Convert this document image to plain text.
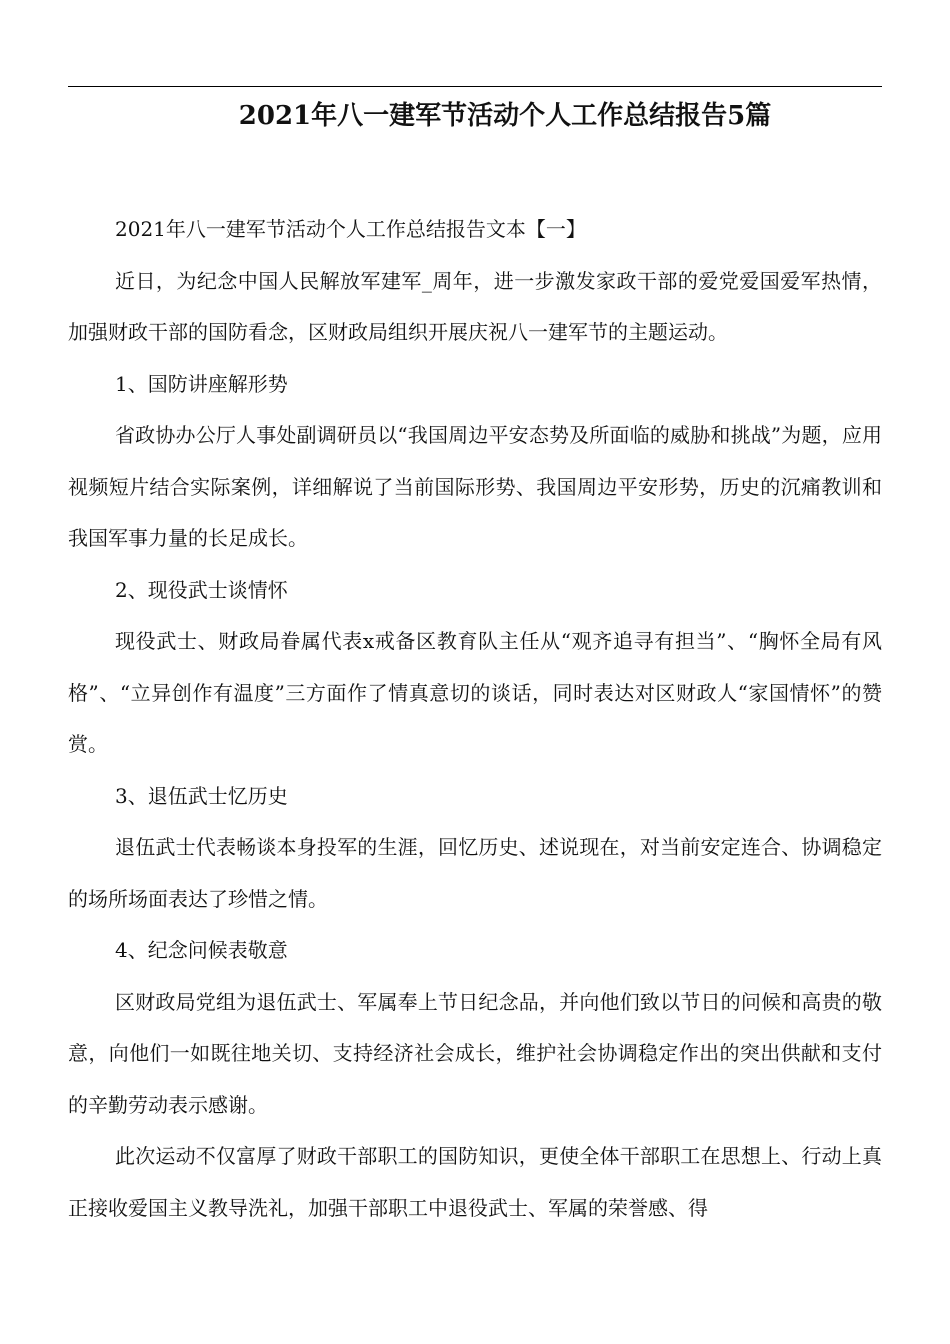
2021年八一建军节活动个人工作总结报告5篇

2021年八一建军节活动个人工作总结报告文本【一】

近日，为纪念中国人民解放军建军_周年，进一步激发家政干部的爱党爱国爱军热情，加强财政干部的国防看念，区财政局组织开展庆祝八一建军节的主题运动。

1、国防讲座解形势

省政协办公厅人事处副调研员以“我国周边平安态势及所面临的威胁和挑战”为题，应用视频短片结合实际案例，详细解说了当前国际形势、我国周边平安形势，历史的沉痛教训和我国军事力量的长足成长。

2、现役武士谈情怀

现役武士、财政局眷属代表x戒备区教育队主任从“观齐追寻有担当”、“胸怀全局有风格”、“立异创作有温度”三方面作了情真意切的谈话，同时表达对区财政人“家国情怀”的赞赏。

3、退伍武士忆历史

退伍武士代表畅谈本身投军的生涯，回忆历史、述说现在，对当前安定连合、协调稳定的场所场面表达了珍惜之情。

4、纪念问候表敬意

区财政局党组为退伍武士、军属奉上节日纪念品，并向他们致以节日的问候和高贵的敬意，向他们一如既往地关切、支持经济社会成长，维护社会协调稳定作出的突出供献和支付的辛勤劳动表示感谢。

此次运动不仅富厚了财政干部职工的国防知识，更使全体干部职工在思想上、行动上真正接收爱国主义教导洗礼，加强干部职工中退役武士、军属的荣誉感、得
